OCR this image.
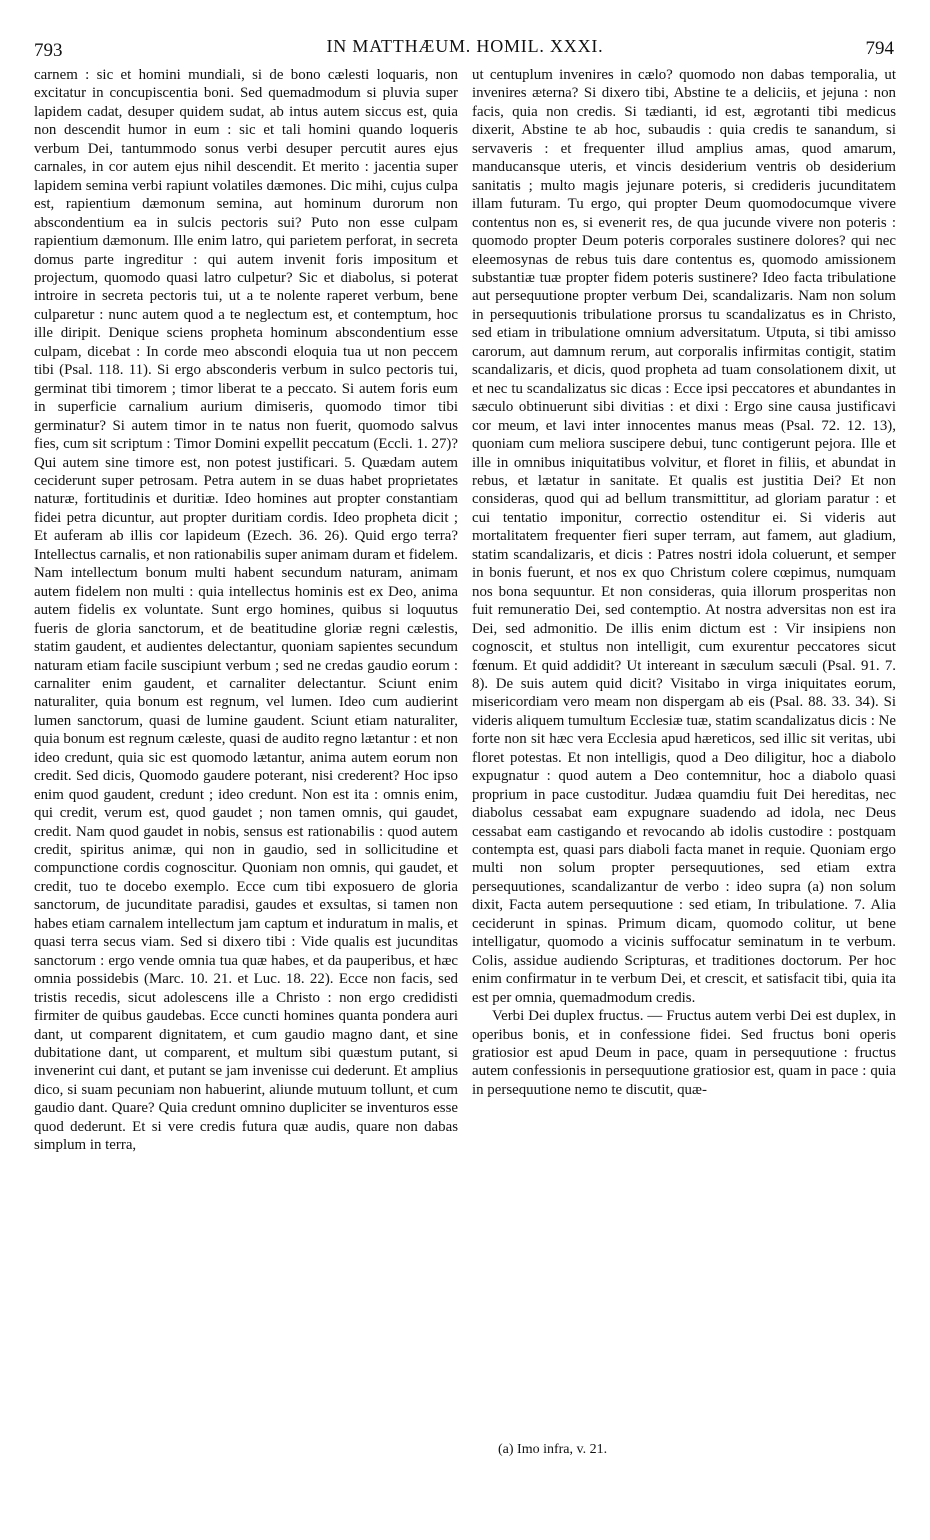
793	IN MATTHÆUM. HOMIL. XXXI.	794

carnem : sic et homini mundiali, si de bono cælesti loquaris, non excitatur in concupiscentia boni. Sed quemadmodum si pluvia super lapidem cadat, desuper quidem sudat, ab intus autem siccus est, quia non descendit humor in eum : sic et tali homini quando loqueris verbum Dei, tantummodo sonus verbi desuper percutit aures ejus carnales, in cor autem ejus nihil descendit. Et merito : jacentia super lapidem semina verbi rapiunt volatiles dæmones. Dic mihi, cujus culpa est, rapientium dæmonum semina, aut hominum durorum non abscondentium ea in sulcis pectoris sui? Puto non esse culpam rapientium dæmonum. Ille enim latro, qui parietem perforat, in secreta domus parte ingreditur : qui autem invenit foris impositum et projectum, quomodo quasi latro culpetur? Sic et diabolus, si poterat introire in secreta pectoris tui, ut a te nolente raperet verbum, bene culparetur : nunc autem quod a te neglectum est, et contemptum, hoc ille diripit. Denique sciens propheta hominum abscondentium esse culpam, dicebat : In corde meo abscondi eloquia tua ut non peccem tibi (Psal. 118. 11). Si ergo absconderis verbum in sulco pectoris tui, germinat tibi timorem ; timor liberat te a peccato. Si autem foris eum in superficie carnalium aurium dimiseris, quomodo timor tibi germinatur? Si autem timor in te natus non fuerit, quomodo salvus fies, cum sit scriptum : Timor Domini expellit peccatum (Eccli. 1. 27)? Qui autem sine timore est, non potest justificari. 5. Quædam autem ceciderunt super petrosam. Petra autem in se duas habet proprietates naturæ, fortitudinis et duritiæ. Ideo homines aut propter constantiam fidei petra dicuntur, aut propter duritiam cordis. Ideo propheta dicit ; Et auferam ab illis cor lapideum (Ezech. 36. 26). Quid ergo terra? Intellectus carnalis, et non rationabilis super animam duram et fidelem. Nam intellectum bonum multi habent secundum naturam, animam autem fidelem non multi : quia intellectus hominis est ex Deo, anima autem fidelis ex voluntate. Sunt ergo homines, quibus si loquutus fueris de gloria sanctorum, et de beatitudine gloriæ regni cælestis, statim gaudent, et audientes delectantur, quoniam sapientes secundum naturam etiam facile suscipiunt verbum ; sed ne credas gaudio eorum : carnaliter enim gaudent, et carnaliter delectantur. Sciunt enim naturaliter, quia bonum est regnum, vel lumen. Ideo cum audierint lumen sanctorum, quasi de lumine gaudent. Sciunt etiam naturaliter, quia bonum est regnum cæleste, quasi de audito regno lætantur : et non ideo credunt, quia sic est quomodo lætantur, anima autem eorum non credit. Sed dicis, Quomodo gaudere poterant, nisi crederent? Hoc ipso enim quod gaudent, credunt ; ideo credunt. Non est ita : omnis enim, qui credit, verum est, quod gaudet ; non tamen omnis, qui gaudet, credit. Nam quod gaudet in nobis, sensus est rationabilis : quod autem credit, spiritus animæ, qui non in gaudio, sed in sollicitudine et compunctione cordis cognoscitur. Quoniam non omnis, qui gaudet, et credit, tuo te docebo exemplo. Ecce cum tibi exposuero de gloria sanctorum, de jucunditate paradisi, gaudes et exsultas, si tamen non habes etiam carnalem intellectum jam captum et induratum in malis, et quasi terra secus viam. Sed si dixero tibi : Vide qualis est jucunditas sanctorum : ergo vende omnia tua quæ habes, et da pauperibus, et hæc omnia possidebis (Marc. 10. 21. et Luc. 18. 22). Ecce non facis, sed tristis recedis, sicut adolescens ille a Christo : non ergo credidisti firmiter de quibus gaudebas. Ecce cuncti homines quanta pondera auri dant, ut comparent dignitatem, et cum gaudio magno dant, et sine dubitatione dant, ut comparent, et multum sibi quæstum putant, si invenerint cui dant, et putant se jam invenisse cui dederunt. Et amplius dico, si suam pecuniam non habuerint, aliunde mutuum tollunt, et cum gaudio dant. Quare? Quia credunt omnino dupliciter se inventuros esse quod dederunt. Et si vere credis futura quæ audis, quare non dabas simplum in terra,

ut centuplum invenires in cælo? quomodo non dabas temporalia, ut invenires æterna? Si dixero tibi, Abstine te a deliciis, et jejuna : non facis, quia non credis. Si tædianti, id est, ægrotanti tibi medicus dixerit, Abstine te ab hoc, subaudis : quia credis te sanandum, si servaveris : et frequenter illud amplius amas, quod amarum, manducansque uteris, et vincis desiderium ventris ob desiderium sanitatis ; multo magis jejunare poteris, si credideris jucunditatem illam futuram. Tu ergo, qui propter Deum quomodocumque vivere contentus non es, si evenerit res, de qua jucunde vivere non poteris : quomodo propter Deum poteris corporales sustinere dolores? qui nec eleemosynas de rebus tuis dare contentus es, quomodo amissionem substantiæ tuæ propter fidem poteris sustinere? Ideo facta tribulatione aut persequutione propter verbum Dei, scandalizaris. Nam non solum in persequutionis tribulatione prorsus tu scandalizatus es in Christo, sed etiam in tribulatione omnium adversitatum. Utputa, si tibi amisso carorum, aut damnum rerum, aut corporalis infirmitas contigit, statim scandalizaris, et dicis, quod propheta ad tuam consolationem dixit, ut et nec tu scandalizatus sic dicas : Ecce ipsi peccatores et abundantes in sæculo obtinuerunt sibi divitias : et dixi : Ergo sine causa justificavi cor meum, et lavi inter innocentes manus meas (Psal. 72. 12. 13), quoniam cum meliora suscipere debui, tunc contigerunt pejora. Ille et ille in omnibus iniquitatibus volvitur, et floret in filiis, et abundat in rebus, et lætatur in sanitate. Et qualis est justitia Dei? Et non consideras, quod qui ad bellum transmittitur, ad gloriam paratur : et cui tentatio imponitur, correctio ostenditur ei. Si videris aut mortalitatem frequenter fieri super terram, aut famem, aut gladium, statim scandalizaris, et dicis : Patres nostri idola coluerunt, et semper in bonis fuerunt, et nos ex quo Christum colere cœpimus, numquam nos bona sequuntur. Et non consideras, quia illorum prosperitas non fuit remuneratio Dei, sed contemptio. At nostra adversitas non est ira Dei, sed admonitio. De illis enim dictum est : Vir insipiens non cognoscit, et stultus non intelligit, cum exurentur peccatores sicut fœnum. Et quid addidit? Ut intereant in sæculum sæculi (Psal. 91. 7. 8). De suis autem quid dicit? Visitabo in virga iniquitates eorum, misericordiam vero meam non dispergam ab eis (Psal. 88. 33. 34). Si videris aliquem tumultum Ecclesiæ tuæ, statim scandalizatus dicis : Ne forte non sit hæc vera Ecclesia apud hæreticos, sed illic sit veritas, ubi floret potestas. Et non intelligis, quod a Deo diligitur, hoc a diabolo expugnatur : quod autem a Deo contemnitur, hoc a diabolo quasi proprium in pace custoditur. Judæa quamdiu fuit Dei hereditas, nec diabolus cessabat eam expugnare suadendo ad idola, nec Deus cessabat eam castigando et revocando ab idolis custodire : postquam contempta est, quasi pars diaboli facta manet in requie. Quoniam ergo multi non solum propter persequutiones, sed etiam extra persequutiones, scandalizantur de verbo : ideo supra (a) non solum dixit, Facta autem persequutione : sed etiam, In tribulatione. 7. Alia ceciderunt in spinas. Primum dicam, quomodo colitur, ut bene intelligatur, quomodo a vicinis suffocatur seminatum in te verbum. Colis, assidue audiendo Scripturas, et traditiones doctorum. Per hoc enim confirmatur in te verbum Dei, et crescit, et satisfacit tibi, quia ita est per omnia, quemadmodum credis.

Verbi Dei duplex fructus. — Fructus autem verbi Dei est duplex, in operibus bonis, et in confessione fidei. Sed fructus boni operis gratiosior est apud Deum in pace, quam in persequutione : fructus autem confessionis in persequutione gratiosior est, quam in pace : quia in persequutione nemo te discutit, quæ-

(a) Imo infra, v. 21.
